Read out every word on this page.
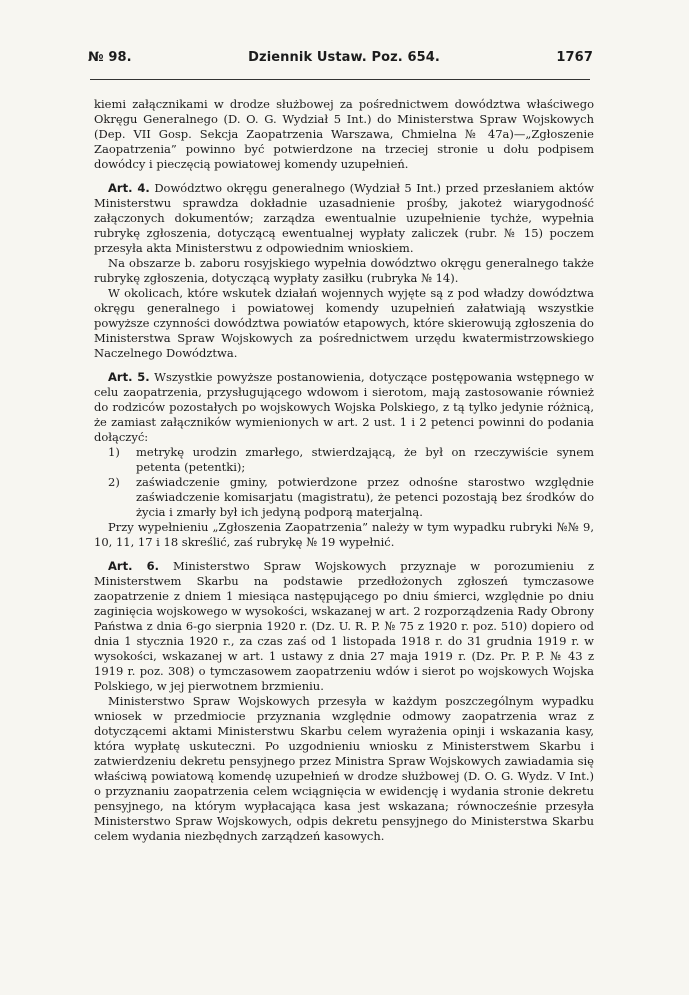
№ 98.	Dziennik Ustaw. Poz. 654.	1767

kiemi załącznikami w drodze służbowej za pośrednictwem dowództwa właściwego Okręgu Generalnego (D. O. G. Wydział 5 Int.) do Ministerstwa Spraw Wojskowych (Dep. VII Gosp. Sekcja Zaopatrzenia Warszawa, Chmielna № 47a)—„Zgłoszenie Zaopatrzenia” powinno być potwierdzone na trzeciej stronie u dołu podpisem dowódcy i pieczęcią powiatowej komendy uzupełnień.

Art. 4. Dowództwo okręgu generalnego (Wydział 5 Int.) przed przesłaniem aktów Ministerstwu sprawdza dokładnie uzasadnienie prośby, jakoteż wiarygodność załączonych dokumentów; zarządza ewentualnie uzupełnienie tychże, wypełnia rubrykę zgłoszenia, dotyczącą ewentualnej wypłaty zaliczek (rubr. № 15) poczem przesyła akta Ministerstwu z odpowiednim wnioskiem.

Na obszarze b. zaboru rosyjskiego wypełnia dowództwo okręgu generalnego także rubrykę zgłoszenia, dotyczącą wypłaty zasiłku (rubryka № 14).

W okolicach, które wskutek działań wojennych wyjęte są z pod władzy dowództwa okręgu generalnego i powiatowej komendy uzupełnień załatwiają wszystkie powyższe czynności dowództwa powiatów etapowych, które skierowują zgłoszenia do Ministerstwa Spraw Wojskowych za pośrednictwem urzędu kwatermistrzowskiego Naczelnego Dowództwa.

Art. 5. Wszystkie powyższe postanowienia, dotyczące postępowania wstępnego w celu zaopatrzenia, przysługującego wdowom i sierotom, mają zastosowanie również do rodziców pozostałych po wojskowych Wojska Polskiego, z tą tylko jedynie różnicą, że zamiast załączników wymienionych w art. 2 ust. 1 i 2 petenci powinni do podania dołączyć:

1)	metrykę urodzin zmarłego, stwierdzającą, że był on rzeczywiście synem petenta (petentki);
2)	zaświadczenie gminy, potwierdzone przez odnośne starostwo względnie zaświadczenie komisarjatu (magistratu), że petenci pozostają bez środków do życia i zmarły był ich jedyną podporą materjalną.

Przy wypełnieniu „Zgłoszenia Zaopatrzenia” należy w tym wypadku rubryki №№ 9, 10, 11, 17 i 18 skreślić, zaś rubrykę № 19 wypełnić.

Art. 6. Ministerstwo Spraw Wojskowych przyznaje w porozumieniu z Ministerstwem Skarbu na podstawie przedłożonych zgłoszeń tymczasowe zaopatrzenie z dniem 1 miesiąca następującego po dniu śmierci, względnie po dniu zaginięcia wojskowego w wysokości, wskazanej w art. 2 rozporządzenia Rady Obrony Państwa z dnia 6-go sierpnia 1920 r. (Dz. U. R. P. № 75 z 1920 r. poz. 510) dopiero od dnia 1 stycznia 1920 r., za czas zaś od 1 listopada 1918 r. do 31 grudnia 1919 r. w wysokości, wskazanej w art. 1 ustawy z dnia 27 maja 1919 r. (Dz. Pr. P. P. № 43 z 1919 r. poz. 308) o tymczasowem zaopatrzeniu wdów i sierot po wojskowych Wojska Polskiego, w jej pierwotnem brzmieniu.

Ministerstwo Spraw Wojskowych przesyła w każdym poszczególnym wypadku wniosek w przedmiocie przyznania względnie odmowy zaopatrzenia wraz z dotyczącemi aktami Ministerstwu Skarbu celem wyrażenia opinji i wskazania kasy, która wypłatę uskuteczni. Po uzgodnieniu wniosku z Ministerstwem Skarbu i zatwierdzeniu dekretu pensyjnego przez Ministra Spraw Wojskowych zawiadamia się właściwą powiatową komendę uzupełnień w drodze służbowej (D. O. G. Wydz. V Int.) o przyznaniu zaopatrzenia celem wciągnięcia w ewidencję i wydania stronie dekretu pensyjnego, na którym wypłacająca kasa jest wskazana; równocześnie przesyła Ministerstwo Spraw Wojskowych, odpis dekretu pensyjnego do Ministerstwa Skarbu celem wydania niezbędnych zarządzeń kasowych.
